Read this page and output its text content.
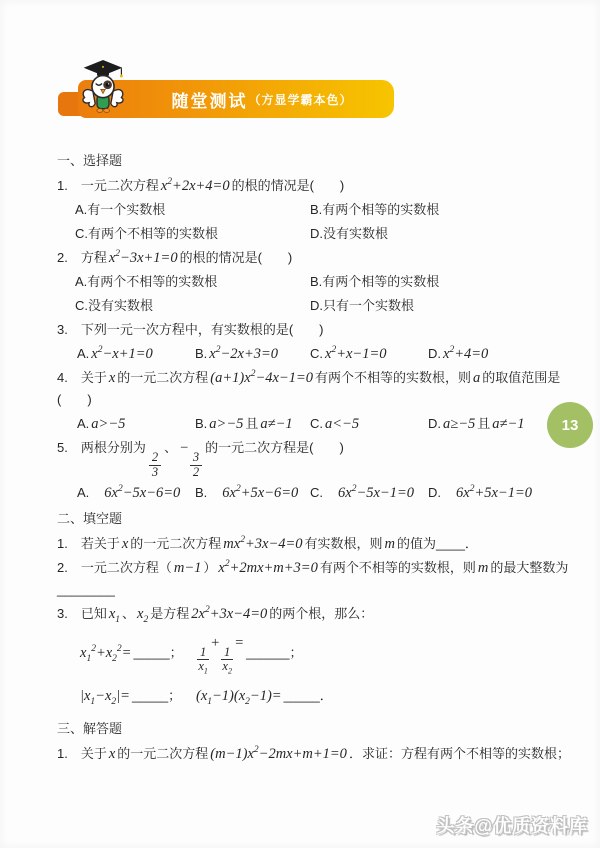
随堂测试 （方显学霸本色）
一、选择题
1.　一元二次方程 $x^2+2x+4=0$ 的根的情况是(　　)
A.有一个实数根	B.有两个相等的实数根
C.有两个不相等的实数根	D.没有实数根
2.　方程 $x^2-3x+1=0$ 的根的情况是(　　)
A.有两个不相等的实数根	B.有两个相等的实数根
C.没有实数根	D.只有一个实数根
3.　下列一元一次方程中，有实数根的是(　　)
A. $x^2-x+1=0$	B. $x^2-2x+3=0$	C. $x^2+x-1=0$	D. $x^2+4=0$
4.　关于 x 的一元二次方程 $(a+1)x^2-4x-1=0$ 有两个不相等的实数根，则 a 的取值范围是(　　)
A. a>−5	B. a>−5 且 a≠−1	C. a<−5	D. a≥−5 且 a≠−1
5.　两根分别为
$\frac{2}{3}$
、 −
$\frac{3}{2}$
的一元二次方程是(　　)
A.　$6x^2-5x-6=0$	B.　$6x^2+5x-6=0$ C.　$6x^2-5x-1=0$	D.　$6x^2+5x-1=0$
二、填空题
1.　若关于 x 的一元二次方程 $mx^2+3x-4=0$ 有实数根，则 m 的值为____．
2.　一元二次方程（ m−1 ） $x^2+2mx+m+3=0$ 有两个不相等的实数根，则 m 的最大整数为________
3.　已知 $x_1$ 、 $x_2$ 是方程 $2x^2+3x-4=0$ 的两个根，那么：
$x_1^2+x_2^2=$ _____；	$\frac{1}{x_1}$
+
$\frac{1}{x_2}$
=
______；
$|x_1-x_2|=$ _____；	$(x_1-1)(x_2-1)=$ _____．
三、解答题
1.　关于 x 的一元二次方程 $(m-1)x^2-2mx+m+1=0$ ．求证：方程有两个不相等的实数根；
13
头条@优质资料库
